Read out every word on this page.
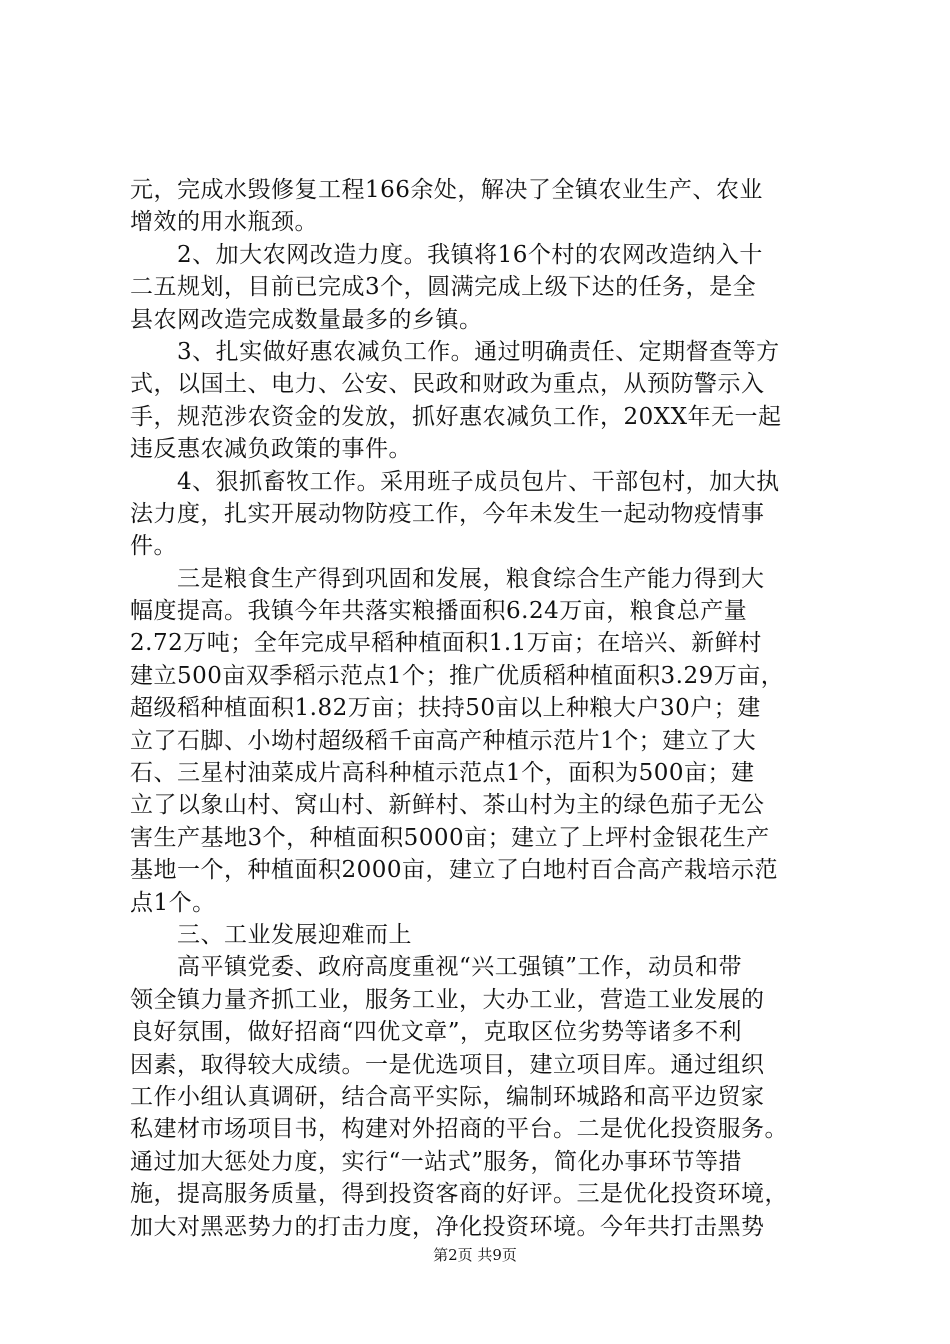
元，完成水毁修复工程166余处，解决了全镇农业生产、农业
增效的用水瓶颈。
　　2、加大农网改造力度。我镇将16个村的农网改造纳入十
二五规划，目前已完成3个，圆满完成上级下达的任务，是全
县农网改造完成数量最多的乡镇。
　　3、扎实做好惠农减负工作。通过明确责任、定期督查等方
式，以国土、电力、公安、民政和财政为重点，从预防警示入
手，规范涉农资金的发放，抓好惠农减负工作，20XX年无一起
违反惠农减负政策的事件。
　　4、狠抓畜牧工作。采用班子成员包片、干部包村，加大执
法力度，扎实开展动物防疫工作，今年未发生一起动物疫情事
件。
　　三是粮食生产得到巩固和发展，粮食综合生产能力得到大
幅度提高。我镇今年共落实粮播面积6.24万亩，粮食总产量
2.72万吨；全年完成早稻种植面积1.1万亩；在培兴、新鲜村
建立500亩双季稻示范点1个；推广优质稻种植面积3.29万亩，
超级稻种植面积1.82万亩；扶持50亩以上种粮大户30户；建
立了石脚、小坳村超级稻千亩高产种植示范片1个；建立了大
石、三星村油菜成片高科种植示范点1个，面积为500亩；建
立了以象山村、窝山村、新鲜村、茶山村为主的绿色茄子无公
害生产基地3个，种植面积5000亩；建立了上坪村金银花生产
基地一个，种植面积2000亩，建立了白地村百合高产栽培示范
点1个。
　　三、工业发展迎难而上
　　高平镇党委、政府高度重视“兴工强镇”工作，动员和带
领全镇力量齐抓工业，服务工业，大办工业，营造工业发展的
良好氛围，做好招商“四优文章”，克取区位劣势等诸多不利
因素，取得较大成绩。一是优选项目，建立项目库。通过组织
工作小组认真调研，结合高平实际，编制环城路和高平边贸家
私建材市场项目书，构建对外招商的平台。二是优化投资服务。
通过加大惩处力度，实行“一站式”服务，简化办事环节等措
施，提高服务质量，得到投资客商的好评。三是优化投资环境，
加大对黑恶势力的打击力度，净化投资环境。今年共打击黑势
第2页 共9页
